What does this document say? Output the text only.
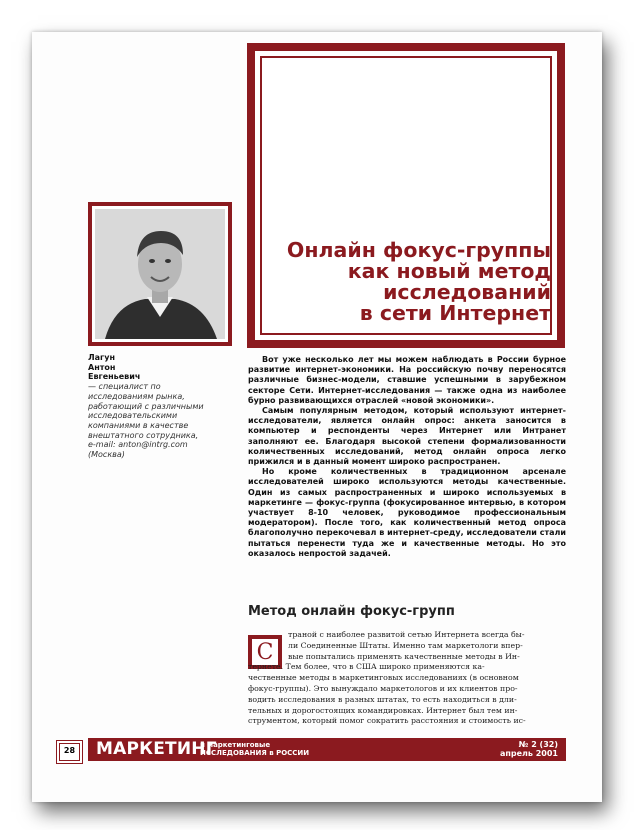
Онлайн фокус-группы
как новый метод
исследований
в сети Интернет
Лагун
Антон
Евгеньевич
— специалист по
исследованиям рынка,
работающий с различными
исследовательскими
компаниями в качестве
внештатного сотрудника,
e-mail: anton@intrg.com
(Москва)

Вот уже несколько лет мы можем наблюдать в России бурное развитие интернет-экономики. На российскую почву переносятся различные бизнес-модели, ставшие успешными в зарубежном секторе Сети. Интернет-исследования — также одна из наиболее бурно развивающихся отраслей «новой экономики».

Самым популярным методом, который используют интернет-исследователи, является онлайн опрос: анкета заносится в компьютер и респонденты через Интернет или Интранет заполняют ее. Благодаря высокой степени формализованности количественных исследований, метод онлайн опроса легко прижился и в данный момент широко распространен.

Но кроме количественных в традиционном арсенале исследователей широко используются методы качественные. Один из самых распространенных и широко используемых в маркетинге — фокус-группа (фокусированное интервью, в котором участвует 8-10 человек, руководимое профессиональным модератором). После того, как количественный метод опроса благополучно перекочевал в интернет-среду, исследователи стали пытаться перенести туда же и качественные методы. Но это оказалось непростой задачей.

Метод онлайн фокус-групп
С
траной с наиболее развитой сетью Интернета всегда бы-
ли Соединенные Штаты. Именно там маркетологи впер-
вые попытались применять качественные методы в Ин-
тернете. Тем более, что в США широко применяются ка-
чественные методы в маркетинговых исследованиях (в основном
фокус-группы). Это вынуждало маркетологов и их клиентов про-
водить исследования в разных штатах, то есть находиться в дли-
тельных и дорогостоящих командировках. Интернет был тем ин-
струментом, который помог сократить расстояния и стоимость ис-
28 МАРКЕТИНГ
и маркетинговые
ИССЛЕДОВАНИЯ в РОССИИ
№ 2 (32)
апрель 2001
